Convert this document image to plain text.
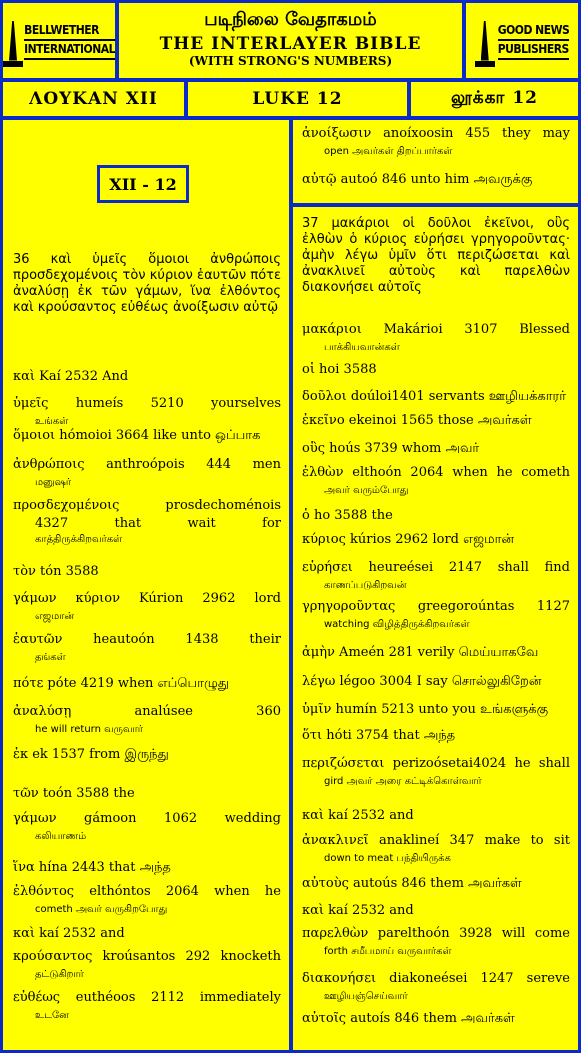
BELLWETHER
INTERNATIONAL
படிநிலை வேதாகமம்
THE INTERLAYER BIBLE
(WITH STRONG'S NUMBERS)
GOOD NEWS
PUBLISHERS
ΛΟΥΚΑΝ XII	LUKE 12	லூக்கா 12
XII - 12
36 καὶ ὑμεῖς ὅμοιοι ἀνθρώποις προσδεχομένοις τὸν κύριον ἑαυτῶν πότε ἀναλύσῃ ἐκ τῶν γάμων, ἵνα ἐλθόντος καὶ κρούσαντος εὐθέως ἀνοίξωσιν αὐτῷ
καὶ Kaí 2532 And
ὑμεῖς humeís 5210 yourselves
உங்கள்
ὅμοιοι hómoioi 3664 like unto ஒப்பாக
ἀνθρώποις anthroópois 444 men
மனுஷர்
προσδεχομένοις prosdechoménois
4327 that wait for
காத்திருக்கிறவர்கள்
τὸν tón 3588
γάμων κύριον Kúrion 2962 lord
எஜமான்
ἑαυτῶν heautoón 1438 their
தங்கள்
πότε póte 4219 when எப்பொழுது
ἀναλύσῃ analúsee 360
he will return வருவார்
ἐκ ek 1537 from இருந்து
τῶν toón 3588 the
γάμων gámoon 1062 wedding
கலியாணம்
ἵνα hína 2443 that அந்த
ἐλθόντος elthóntos 2064 when he
cometh அவர் வருகிறபோது
καὶ kaí 2532 and
κρούσαντος kroúsantos 292 knocketh
தட்டுகிறார்
εὐθέως euthéoos 2112 immediately
உடனே
ἀνοίξωσιν anoíxoosin 455 they may
open அவர்கள் திறப்பார்கள்
αὐτῷ autoó 846 unto him அவருக்கு
37 μακάριοι οἱ δοῦλοι ἐκεῖνοι, οὓς ἐλθὼν ὁ κύριος εὑρήσει γρηγοροῦντας· ἀμὴν λέγω ὑμῖν ὅτι περιζώσεται καὶ ἀνακλινεῖ αὐτοὺς καὶ παρελθὼν διακονήσει αὐτοῖς
μακάριοι Makárioi 3107 Blessed
பாக்கியவான்கள்
οἱ hoi 3588
δοῦλοι doúloi1401 servants ஊழியக்காரர்
ἐκεῖνο ekeinoi 1565 those அவர்கள்
οὓς hoús 3739 whom அவர்
ἐλθὼν elthoón 2064 when he cometh
அவர் வரும்போது
ὁ ho 3588 the
κύριος kúrios 2962 lord எஜமான்
εὑρήσει heureései 2147 shall find
காணப்படுகிறவன்
γρηγοροῦντας greegoroúntas 1127
watching விழித்திருக்கிறவர்கள்
ἀμὴν Ameén 281 verily மெய்யாகவே
λέγω légoo 3004 I say சொல்லுகிறேன்
ὑμῖν humín 5213 unto you உங்களுக்கு
ὅτι hóti 3754 that அந்த
περιζώσεται perizoósetai4024 he shall
gird அவர் அரை கட்டிக்கொள்வார்
καὶ kaí 2532 and
ἀνακλινεῖ anaklineí 347 make to sit
down to meat பந்தியிருக்க
αὐτοὺς autoús 846 them அவர்கள்
καὶ kaí 2532 and
παρελθὼν parelthoón 3928 will come
forth சமீபமாய் வருவார்கள்
διακονήσει diakoneései 1247 sereve
ஊழியஞ்செய்வார்
αὐτοῖς autoís 846 them அவர்கள்
